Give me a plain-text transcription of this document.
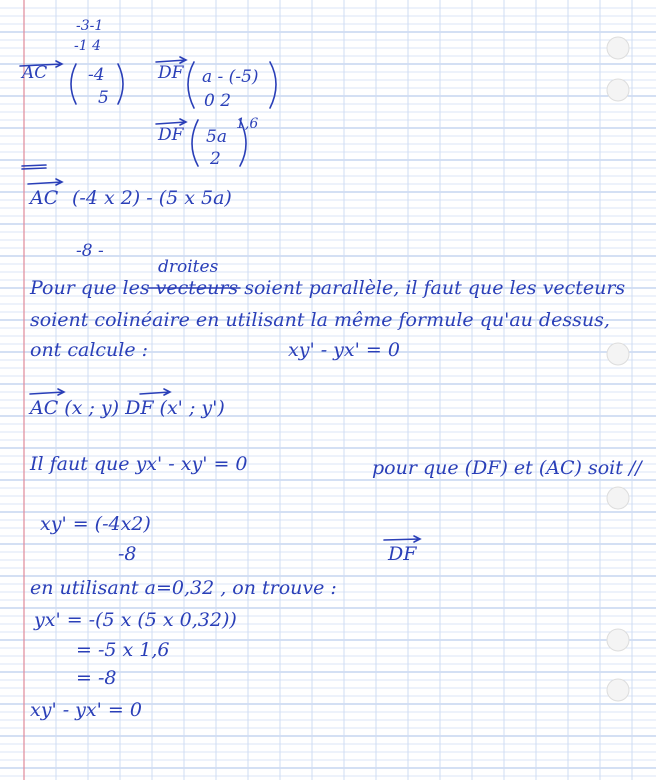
-3-1
-1 4
AC -4
5
DF a - (-5)
0 2
DF 5a
2
1,6
AC (-4 x 2) - (5 x 5a)
-8 -
droites
Pour que les vecteurs soient parallèle, il faut que les vecteurs
soient colinéaire en utilisant la même formule qu'au dessus,
ont calcule :	xy' - yx' = 0
AC (x ; y) DF (x' ; y')
Il faut que yx' - xy' = 0	pour que (DF) et (AC) soit //
xy' = (-4x2)
-8	DF
en utilisant a=0,32 , on trouve :
yx' = -(5 x (5 x 0,32))
= -5 x 1,6
= -8
xy' - yx' = 0
